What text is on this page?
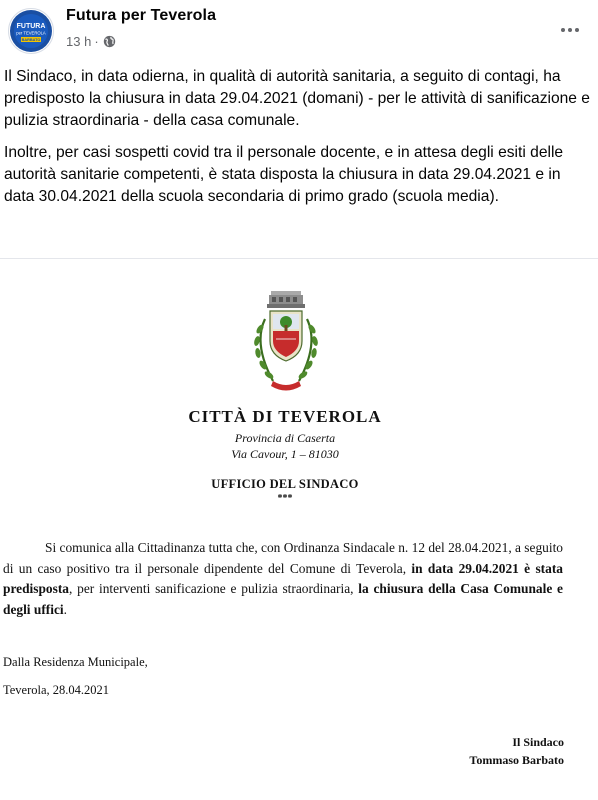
FUTURA
per TEVEROLA
BARBATO
Futura per Teverola
13 h ·

Il Sindaco, in data odierna, in qualità di autorità sanitaria, a seguito di contagi, ha predisposto la chiusura in data 29.04.2021 (domani) - per le attività di sanificazione e pulizia straordinaria - della casa comunale.

Inoltre, per casi sospetti covid tra il personale docente, e in attesa degli esiti delle autorità sanitarie competenti, è stata disposta la chiusura in data 29.04.2021 e in data 30.04.2021 della scuola secondaria di primo grado (scuola media).

CITTÀ DI TEVEROLA
Provincia di Caserta
Via Cavour, 1 – 81030
UFFICIO DEL SINDACO
***
Si comunica alla Cittadinanza tutta che, con Ordinanza Sindacale n. 12 del 28.04.2021, a seguito di un caso positivo tra il personale dipendente del Comune di Teverola, in data 29.04.2021 è stata predisposta, per interventi sanificazione e pulizia straordinaria, la chiusura della Casa Comunale e degli uffici.
Dalla Residenza Municipale,
Teverola, 28.04.2021
Il Sindaco
Tommaso Barbato
